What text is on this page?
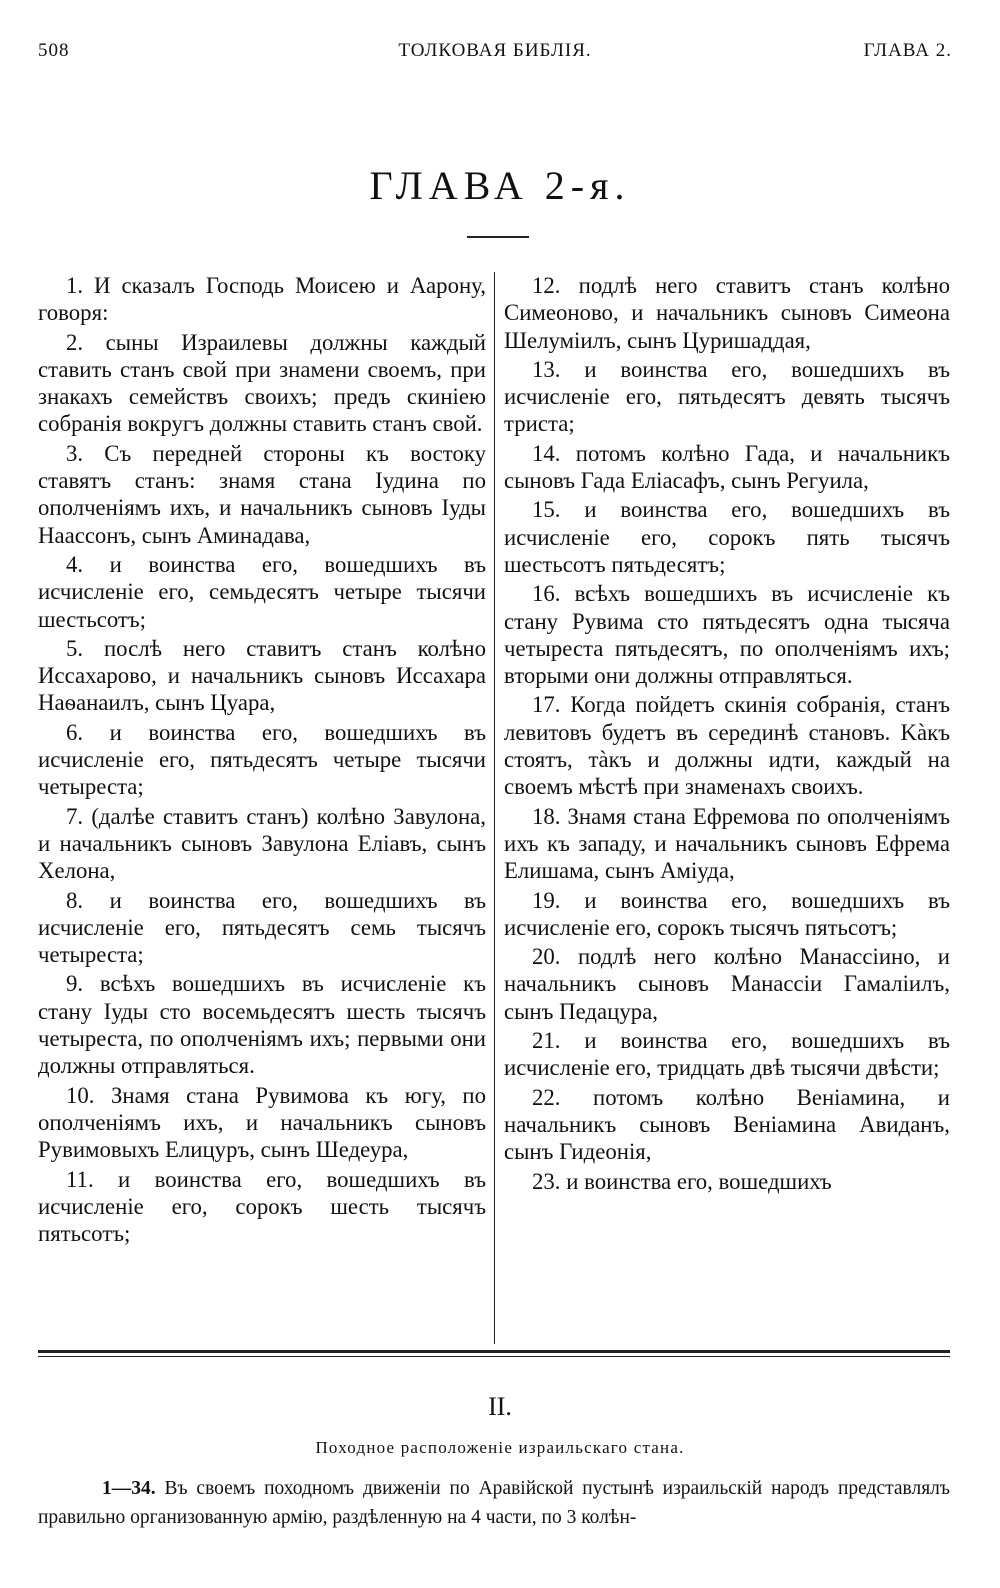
508	ТОЛКОВАЯ БИБЛІЯ.	ГЛАВА 2.
ГЛАВА 2-я.

1. И сказалъ Господь Моисею и Аарону, говоря:

2. сыны Израилевы должны каждый ставить станъ свой при знамени своемъ, при знакахъ семействъ своихъ; предъ скиніею собранія вокругъ должны ставить станъ свой.

3. Съ передней стороны къ востоку ставятъ станъ: знамя стана Іудина по ополченіямъ ихъ, и начальникъ сыновъ Іуды Наассонъ, сынъ Аминадава,

4. и воинства его, вошедшихъ въ исчисленіе его, семьдесятъ четыре тысячи шестьсотъ;

5. послѣ него ставитъ станъ колѣно Иссахарово, и начальникъ сыновъ Иссахара Наѳанаилъ, сынъ Цуара,

6. и воинства его, вошедшихъ въ исчисленіе его, пятьдесятъ четыре тысячи четыреста;

7. (далѣе ставитъ станъ) колѣно Завулона, и начальникъ сыновъ Завулона Еліавъ, сынъ Хелона,

8. и воинства его, вошедшихъ въ исчисленіе его, пятьдесятъ семь тысячъ четыреста;

9. всѣхъ вошедшихъ въ исчисленіе къ стану Іуды сто восемьдесятъ шесть тысячъ четыреста, по ополченіямъ ихъ; первыми они должны отправляться.

10. Знамя стана Рувимова къ югу, по ополченіямъ ихъ, и начальникъ сыновъ Рувимовыхъ Елицуръ, сынъ Шедеура,

11. и воинства его, вошедшихъ въ исчисленіе его, сорокъ шесть тысячъ пятьсотъ;

12. подлѣ него ставитъ станъ колѣно Симеоново, и начальникъ сыновъ Симеона Шелуміилъ, сынъ Цуришаддая,

13. и воинства его, вошедшихъ въ исчисленіе его, пятьдесятъ девять тысячъ триста;

14. потомъ колѣно Гада, и начальникъ сыновъ Гада Еліасафъ, сынъ Регуила,

15. и воинства его, вошедшихъ въ исчисленіе его, сорокъ пять тысячъ шестьсотъ пятьдесятъ;

16. всѣхъ вошедшихъ въ исчисленіе къ стану Рувима сто пятьдесятъ одна тысяча четыреста пятьдесятъ, по ополченіямъ ихъ; вторыми они должны отправляться.

17. Когда пойдетъ скинія собранія, станъ левитовъ будетъ въ серединѣ становъ. Kàкъ стоятъ, тàкъ и должны идти, каждый на своемъ мѣстѣ при знаменахъ своихъ.

18. Знамя стана Ефремова по ополченіямъ ихъ къ западу, и начальникъ сыновъ Ефрема Елишама, сынъ Аміуда,

19. и воинства его, вошедшихъ въ исчисленіе его, сорокъ тысячъ пятьсотъ;

20. подлѣ него колѣно Манассіино, и начальникъ сыновъ Манассіи Гамаліилъ, сынъ Педацура,

21. и воинства его, вошедшихъ въ исчисленіе его, тридцать двѣ тысячи двѣсти;

22. потомъ колѣно Веніамина, и начальникъ сыновъ Веніамина Авиданъ, сынъ Гидеонія,

23. и воинства его, вошедшихъ

II.
Походное расположеніе израильскаго стана.
1—34. Въ своемъ походномъ движеніи по Аравійской пустынѣ израильскій народъ представлялъ правильно организованную армію, раздѣленную на 4 части, по 3 колѣн-
